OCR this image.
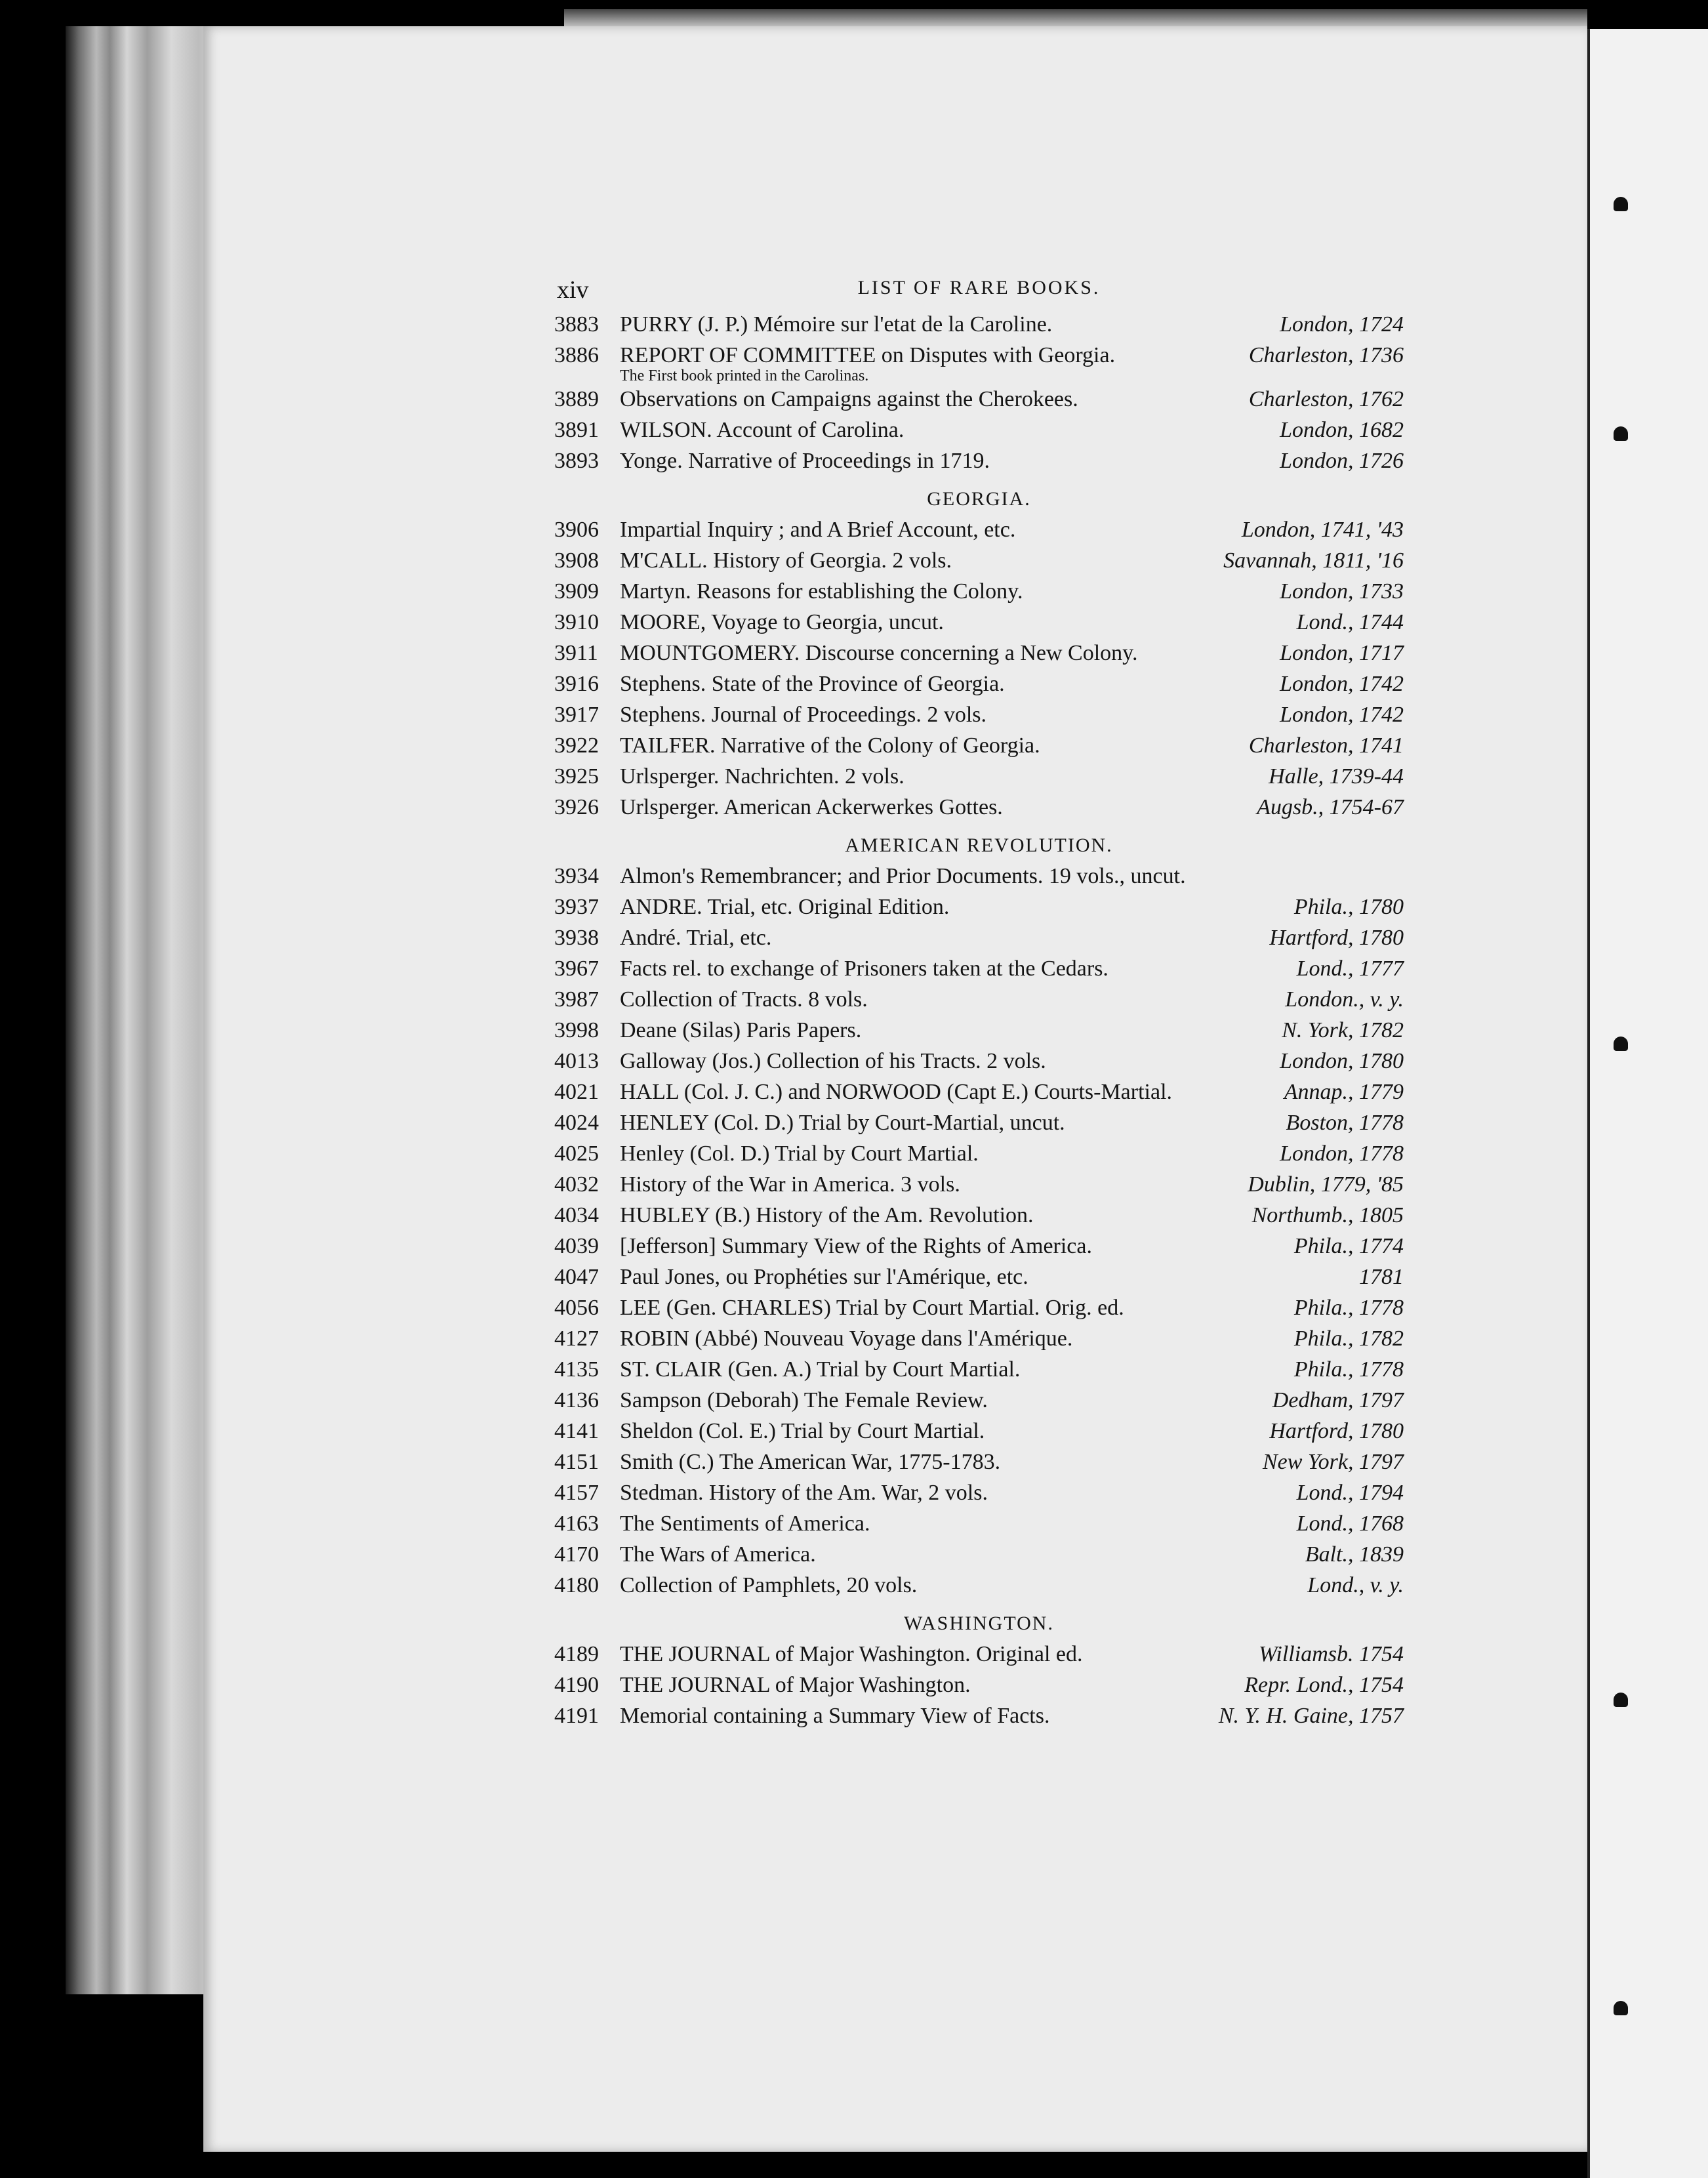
xiv	LIST OF RARE BOOKS.
3883 PURRY (J. P.) Mémoire sur l'etat de la Caroline.	London, 1724
3886 REPORT OF COMMITTEE on Disputes with Georgia.	Charleston, 1736
The First book printed in the Carolinas.
3889 Observations on Campaigns against the Cherokees.	Charleston, 1762
3891 WILSON. Account of Carolina.	London, 1682
3893 Yonge. Narrative of Proceedings in 1719.	London, 1726
GEORGIA.
3906 Impartial Inquiry ; and A Brief Account, etc.	London, 1741, '43
3908 M'CALL. History of Georgia. 2 vols.	Savannah, 1811, '16
3909 Martyn. Reasons for establishing the Colony.	London, 1733
3910 MOORE, Voyage to Georgia, uncut.	Lond., 1744
3911 MOUNTGOMERY. Discourse concerning a New Colony.	London, 1717
3916 Stephens. State of the Province of Georgia.	London, 1742
3917 Stephens. Journal of Proceedings. 2 vols.	London, 1742
3922 TAILFER. Narrative of the Colony of Georgia.	Charleston, 1741
3925 Urlsperger. Nachrichten. 2 vols.	Halle, 1739-44
3926 Urlsperger. American Ackerwerkes Gottes.	Augsb., 1754-67
AMERICAN REVOLUTION.
3934 Almon's Remembrancer; and Prior Documents. 19 vols., uncut.
3937 ANDRE. Trial, etc. Original Edition.	Phila., 1780
3938 André. Trial, etc.	Hartford, 1780
3967 Facts rel. to exchange of Prisoners taken at the Cedars.	Lond., 1777
3987 Collection of Tracts. 8 vols.	London., v. y.
3998 Deane (Silas) Paris Papers.	N. York, 1782
4013 Galloway (Jos.) Collection of his Tracts. 2 vols.	London, 1780
4021 HALL (Col. J. C.) and NORWOOD (Capt E.) Courts-Martial.	Annap., 1779
4024 HENLEY (Col. D.) Trial by Court-Martial, uncut.	Boston, 1778
4025 Henley (Col. D.) Trial by Court Martial.	London, 1778
4032 History of the War in America. 3 vols.	Dublin, 1779, '85
4034 HUBLEY (B.) History of the Am. Revolution.	Northumb., 1805
4039 [Jefferson] Summary View of the Rights of America.	Phila., 1774
4047 Paul Jones, ou Prophéties sur l'Amérique, etc.	1781
4056 LEE (Gen. CHARLES) Trial by Court Martial. Orig. ed.	Phila., 1778
4127 ROBIN (Abbé) Nouveau Voyage dans l'Amérique.	Phila., 1782
4135 ST. CLAIR (Gen. A.) Trial by Court Martial.	Phila., 1778
4136 Sampson (Deborah) The Female Review.	Dedham, 1797
4141 Sheldon (Col. E.) Trial by Court Martial.	Hartford, 1780
4151 Smith (C.) The American War, 1775-1783.	New York, 1797
4157 Stedman. History of the Am. War, 2 vols.	Lond., 1794
4163 The Sentiments of America.	Lond., 1768
4170 The Wars of America.	Balt., 1839
4180 Collection of Pamphlets, 20 vols.	Lond., v. y.
WASHINGTON.
4189 THE JOURNAL of Major Washington. Original ed.	Williamsb. 1754
4190 THE JOURNAL of Major Washington.	Repr. Lond., 1754
4191 Memorial containing a Summary View of Facts.	N. Y. H. Gaine, 1757
